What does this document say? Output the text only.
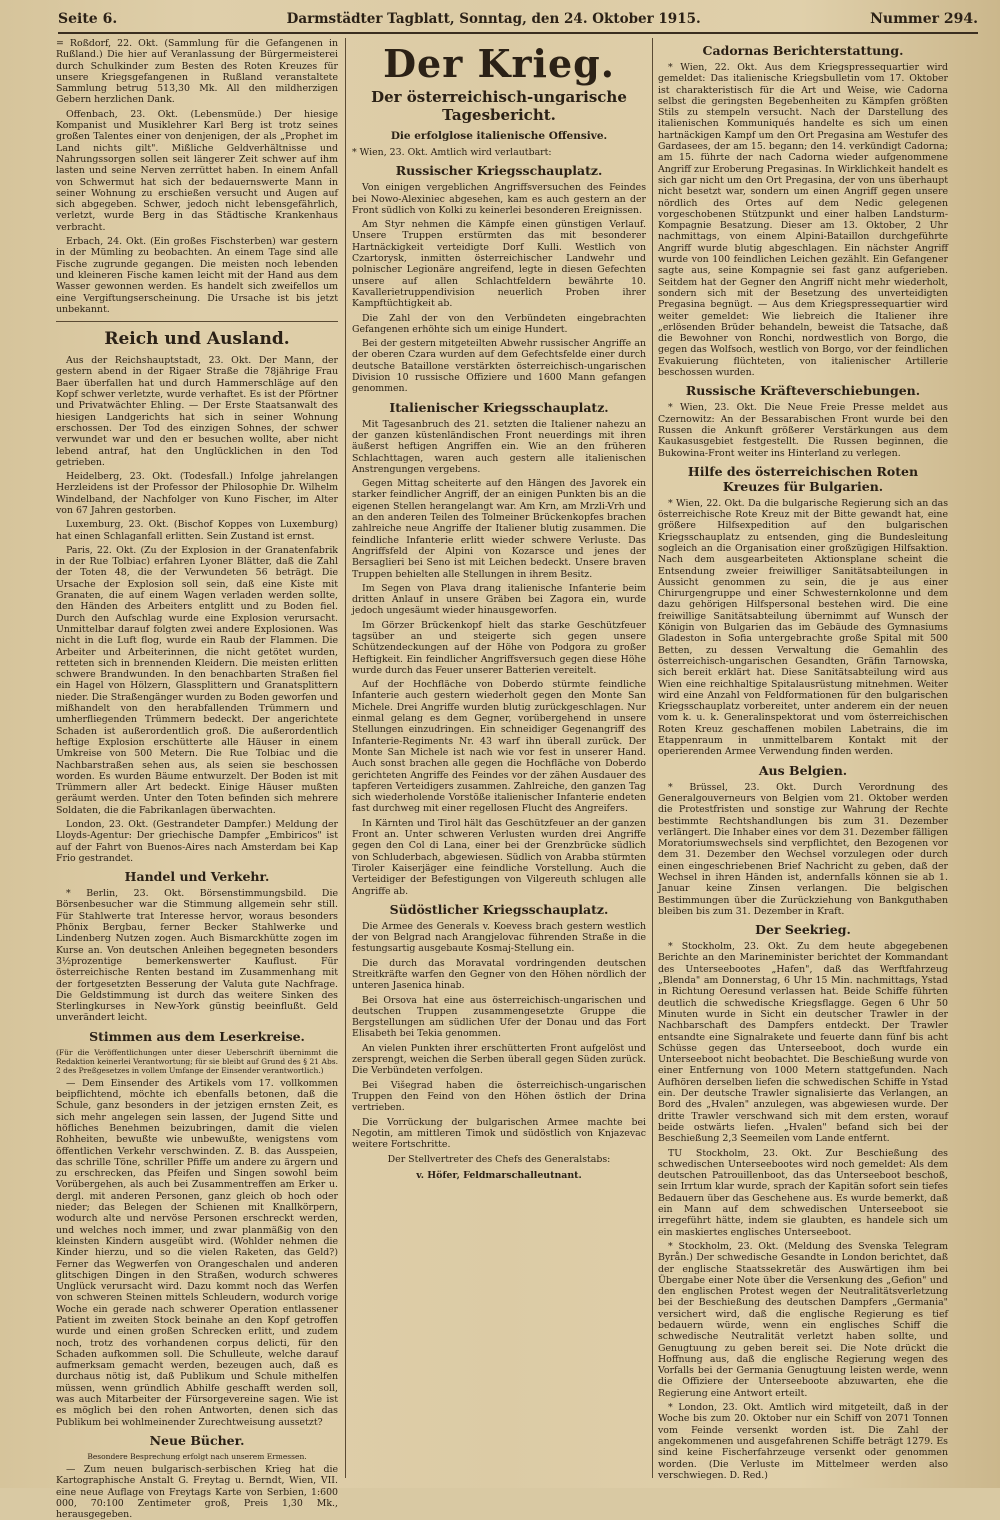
Seite 6.	Darmstädter Tagblatt, Sonntag, den 24. Oktober 1915.	Nummer 294.

= Roßdorf, 22. Okt. (Sammlung für die Gefangenen in Rußland.) Die hier auf Veranlassung der Bürgermeisterei durch Schulkinder zum Besten des Roten Kreuzes für unsere Kriegsgefangenen in Rußland veranstaltete Sammlung betrug 513,30 Mk. All den mildherzigen Gebern herzlichen Dank.

Offenbach, 23. Okt. (Lebensmüde.) Der hiesige Kompanist und Musiklehrer Karl Berg ist trotz seines großen Talentes einer von denjenigen, der als „Prophet im Land nichts gilt". Mißliche Geldverhältnisse und Nahrungssorgen sollen seit längerer Zeit schwer auf ihm lasten und seine Nerven zerrüttet haben. In einem Anfall von Schwermut hat sich der bedauernswerte Mann in seiner Wohnung zu erschießen versucht und Augen auf sich abgegeben. Schwer, jedoch nicht lebensgefährlich, verletzt, wurde Berg in das Städtische Krankenhaus verbracht.

Erbach, 24. Okt. (Ein großes Fischsterben) war gestern in der Mümling zu beobachten. An einem Tage sind alle Fische zugrunde gegangen. Die meisten noch lebenden und kleineren Fische kamen leicht mit der Hand aus dem Wasser gewonnen werden. Es handelt sich zweifellos um eine Vergiftungserscheinung. Die Ursache ist bis jetzt unbekannt.

Reich und Ausland.

Aus der Reichshauptstadt, 23. Okt. Der Mann, der gestern abend in der Rigaer Straße die 78jährige Frau Baer überfallen hat und durch Hammerschläge auf den Kopf schwer verletzte, wurde verhaftet. Es ist der Pförtner und Privatwächter Ehling. — Der Erste Staatsanwalt des hiesigen Landgerichts hat sich in seiner Wohnung erschossen. Der Tod des einzigen Sohnes, der schwer verwundet war und den er besuchen wollte, aber nicht lebend antraf, hat den Unglücklichen in den Tod getrieben.

Heidelberg, 23. Okt. (Todesfall.) Infolge jahrelangen Herzleidens ist der Professor der Philosophie Dr. Wilhelm Windelband, der Nachfolger von Kuno Fischer, im Alter von 67 Jahren gestorben.

Luxemburg, 23. Okt. (Bischof Koppes von Luxemburg) hat einen Schlaganfall erlitten. Sein Zustand ist ernst.

Paris, 22. Okt. (Zu der Explosion in der Granatenfabrik in der Rue Tolbiac) erfahren Lyoner Blätter, daß die Zahl der Toten 48, die der Verwundeten 56 beträgt. Die Ursache der Explosion soll sein, daß eine Kiste mit Granaten, die auf einem Wagen verladen werden sollte, den Händen des Arbeiters entglitt und zu Boden fiel. Durch den Aufschlag wurde eine Explosion verursacht. Unmittelbar darauf folgten zwei andere Explosionen. Was nicht in die Luft flog, wurde ein Raub der Flammen. Die Arbeiter und Arbeiterinnen, die nicht getötet wurden, retteten sich in brennenden Kleidern. Die meisten erlitten schwere Brandwunden. In den benachbarten Straßen fiel ein Hagel von Hölzern, Glassplittern und Granatsplittern nieder. Die Straßengänger wurden zu Boden geworfen und mißhandelt von den herabfallenden Trümmern und umherfliegenden Trümmern bedeckt. Der angerichtete Schaden ist außerordentlich groß. Die außerordentlich heftige Explosion erschütterte alle Häuser in einem Umkreise von 500 Metern. Die Rue Tolbiac und die Nachbarstraßen sehen aus, als seien sie beschossen worden. Es wurden Bäume entwurzelt. Der Boden ist mit Trümmern aller Art bedeckt. Einige Häuser mußten geräumt werden. Unter den Toten befinden sich mehrere Soldaten, die die Fabrikanlagen überwachten.

London, 23. Okt. (Gestrandeter Dampfer.) Meldung der Lloyds-Agentur: Der griechische Dampfer „Embiricos" ist auf der Fahrt von Buenos-Aires nach Amsterdam bei Kap Frio gestrandet.

Handel und Verkehr.

* Berlin, 23. Okt. Börsenstimmungsbild. Die Börsenbesucher war die Stimmung allgemein sehr still. Für Stahlwerte trat Interesse hervor, woraus besonders Phönix Bergbau, ferner Becker Stahlwerke und Lindenberg Nutzen zogen. Auch Bismarckhütte zogen im Kurse an. Von deutschen Anleihen begegneten besonders 3½prozentige bemerkenswerter Kauflust. Für österreichische Renten bestand im Zusammenhang mit der fortgesetzten Besserung der Valuta gute Nachfrage. Die Geldstimmung ist durch das weitere Sinken des Sterlingkurses in New-York günstig beeinflußt. Geld unverändert leicht.

Stimmen aus dem Leserkreise.
(Für die Veröffentlichungen unter dieser Ueberschrift übernimmt die Redaktion keinerlei Verantwortung; für sie bleibt auf Grund des § 21 Abs. 2 des Preßgesetzes in vollem Umfange der Einsender verantwortlich.)

— Dem Einsender des Artikels vom 17. vollkommen beipflichtend, möchte ich ebenfalls betonen, daß die Schule, ganz besonders in der jetzigen ernsten Zeit, es sich mehr angelegen sein lassen, der Jugend Sitte und höfliches Benehmen beizubringen, damit die vielen Rohheiten, bewußte wie unbewußte, wenigstens vom öffentlichen Verkehr verschwinden. Z. B. das Ausspeien, das schrille Töne, schriller Pfiffe um andere zu ärgern und zu erschrecken, das Pfeifen und Singen sowohl beim Vorübergehen, als auch bei Zusammentreffen am Erker u. dergl. mit anderen Personen, ganz gleich ob hoch oder nieder; das Belegen der Schienen mit Knallkörpern, wodurch alte und nervöse Personen erschreckt werden, und welches noch immer, und zwar planmäßig von den kleinsten Kindern ausgeübt wird. (Wohlder nehmen die Kinder hierzu, und so die vielen Raketen, das Geld?) Ferner das Wegwerfen von Orangeschalen und anderen glitschigen Dingen in den Straßen, wodurch schweres Unglück verursacht wird. Dazu kommt noch das Werfen von schweren Steinen mittels Schleudern, wodurch vorige Woche ein gerade nach schwerer Operation entlassener Patient im zweiten Stock beinahe an den Kopf getroffen wurde und einen großen Schrecken erlitt, und zudem noch, trotz des vorhandenen corpus delicti, für den Schaden aufkommen soll. Die Schulleute, welche darauf aufmerksam gemacht werden, bezeugen auch, daß es durchaus nötig ist, daß Publikum und Schule mithelfen müssen, wenn gründlich Abhilfe geschafft werden soll, was auch Mitarbeiter der Fürsorgevereine sagen. Wie ist es möglich bei den rohen Antworten, denen sich das Publikum bei wohlmeinender Zurechtweisung aussetzt?

Neue Bücher.
Besondere Besprechung erfolgt nach unserem Ermessen.

— Zum neuen bulgarisch-serbischen Krieg hat die Kartographische Anstalt G. Freytag u. Berndt, Wien, VII. eine neue Auflage von Freytags Karte von Serbien, 1:600 000, 70:100 Zentimeter groß, Preis 1,30 Mk., herausgegeben.

Der Krieg.
Der österreichisch-ungarische Tagesbericht.
Die erfolglose italienische Offensive.

* Wien, 23. Okt. Amtlich wird verlautbart:

Russischer Kriegsschauplatz.

Von einigen vergeblichen Angriffsversuchen des Feindes bei Nowo-Alexiniec abgesehen, kam es auch gestern an der Front südlich von Kolki zu keinerlei besonderen Ereignissen.

Am Styr nehmen die Kämpfe einen günstigen Verlauf. Unsere Truppen erstürmten das mit besonderer Hartnäckigkeit verteidigte Dorf Kulli. Westlich von Czartorysk, inmitten österreichischer Landwehr und polnischer Legionäre angreifend, legte in diesen Gefechten unsere auf allen Schlachtfeldern bewährte 10. Kavallerietruppendivision neuerlich Proben ihrer Kampftüchtigkeit ab.

Die Zahl der von den Verbündeten eingebrachten Gefangenen erhöhte sich um einige Hundert.

Bei der gestern mitgeteilten Abwehr russischer Angriffe an der oberen Czara wurden auf dem Gefechtsfelde einer durch deutsche Bataillone verstärkten österreichisch-ungarischen Division 10 russische Offiziere und 1600 Mann gefangen genommen.

Italienischer Kriegsschauplatz.

Mit Tagesanbruch des 21. setzten die Italiener nahezu an der ganzen küstenländischen Front neuerdings mit ihren äußerst heftigen Angriffen ein. Wie an den früheren Schlachttagen, waren auch gestern alle italienischen Anstrengungen vergebens.

Gegen Mittag scheiterte auf den Hängen des Javorek ein starker feindlicher Angriff, der an einigen Punkten bis an die eigenen Stellen herangelangt war. Am Krn, am Mrzli-Vrh und an den anderen Teilen des Tolmeiner Brückenkopfes brachen zahlreiche neue Angriffe der Italiener blutig zusammen. Die feindliche Infanterie erlitt wieder schwere Verluste. Das Angriffsfeld der Alpini von Kozarsce und jenes der Bersaglieri bei Seno ist mit Leichen bedeckt. Unsere braven Truppen behielten alle Stellungen in ihrem Besitz.

Im Segen von Plava drang italienische Infanterie beim dritten Anlauf in unsere Gräben bei Zagora ein, wurde jedoch ungesäumt wieder hinausgeworfen.

Im Görzer Brückenkopf hielt das starke Geschützfeuer tagsüber an und steigerte sich gegen unsere Schützendeckungen auf der Höhe von Podgora zu großer Heftigkeit. Ein feindlicher Angriffsversuch gegen diese Höhe wurde durch das Feuer unserer Batterien vereitelt.

Auf der Hochfläche von Doberdo stürmte feindliche Infanterie auch gestern wiederholt gegen den Monte San Michele. Drei Angriffe wurden blutig zurückgeschlagen. Nur einmal gelang es dem Gegner, vorübergehend in unsere Stellungen einzudringen. Ein schneidiger Gegenangriff des Infanterie-Regiments Nr. 43 warf ihn überall zurück. Der Monte San Michele ist nach wie vor fest in unserer Hand. Auch sonst brachen alle gegen die Hochfläche von Doberdo gerichteten Angriffe des Feindes vor der zähen Ausdauer des tapferen Verteidigers zusammen. Zahlreiche, den ganzen Tag sich wiederholende Vorstöße italienischer Infanterie endeten fast durchweg mit einer regellosen Flucht des Angreifers.

In Kärnten und Tirol hält das Geschützfeuer an der ganzen Front an. Unter schweren Verlusten wurden drei Angriffe gegen den Col di Lana, einer bei der Grenzbrücke südlich von Schluderbach, abgewiesen. Südlich von Arabba stürmten Tiroler Kaiserjäger eine feindliche Vorstellung. Auch die Verteidiger der Befestigungen von Vilgereuth schlugen alle Angriffe ab.

Südöstlicher Kriegsschauplatz.

Die Armee des Generals v. Koevess brach gestern westlich der von Belgrad nach Arangjelovac führenden Straße in die festungsartig ausgebaute Kosmaj-Stellung ein.

Die durch das Moravatal vordringenden deutschen Streitkräfte warfen den Gegner von den Höhen nördlich der unteren Jasenica hinab.

Bei Orsova hat eine aus österreichisch-ungarischen und deutschen Truppen zusammengesetzte Gruppe die Bergstellungen am südlichen Ufer der Donau und das Fort Elisabeth bei Tekia genommen.

An vielen Punkten ihrer erschütterten Front aufgelöst und zersprengt, weichen die Serben überall gegen Süden zurück. Die Verbündeten verfolgen.

Bei Višegrad haben die österreichisch-ungarischen Truppen den Feind von den Höhen östlich der Drina vertrieben.

Die Vorrückung der bulgarischen Armee machte bei Negotin, am mittleren Timok und südöstlich von Knjazevac weitere Fortschritte.

Der Stellvertreter des Chefs des Generalstabs:
v. Höfer, Feldmarschalleutnant.
Cadornas Berichterstattung.

* Wien, 22. Okt. Aus dem Kriegspressequartier wird gemeldet: Das italienische Kriegsbulletin vom 17. Oktober ist charakteristisch für die Art und Weise, wie Cadorna selbst die geringsten Begebenheiten zu Kämpfen größten Stils zu stempeln versucht. Nach der Darstellung des italienischen Kommuniqués handelte es sich um einen hartnäckigen Kampf um den Ort Pregasina am Westufer des Gardasees, der am 15. begann; den 14. verkündigt Cadorna; am 15. führte der nach Cadorna wieder aufgenommene Angriff zur Eroberung Pregasinas. In Wirklichkeit handelt es sich gar nicht um den Ort Pregasina, der von uns überhaupt nicht besetzt war, sondern um einen Angriff gegen unsere nördlich des Ortes auf dem Nedic gelegenen vorgeschobenen Stützpunkt und einer halben Landsturm-Kompagnie Besatzung. Dieser am 13. Oktober, 2 Uhr nachmittags, von einem Alpini-Bataillon durchgeführte Angriff wurde blutig abgeschlagen. Ein nächster Angriff wurde von 100 feindlichen Leichen gezählt. Ein Gefangener sagte aus, seine Kompagnie sei fast ganz aufgerieben. Seitdem hat der Gegner den Angriff nicht mehr wiederholt, sondern sich mit der Besetzung des unverteidigten Pregasina begnügt. — Aus dem Kriegspressequartier wird weiter gemeldet: Wie liebreich die Italiener ihre „erlösenden Brüder behandeln, beweist die Tatsache, daß die Bewohner von Ronchi, nordwestlich von Borgo, die gegen das Wolfsoch, westlich von Borgo, vor der feindlichen Evakuierung flüchteten, von italienischer Artillerie beschossen wurden.

Russische Kräfteverschiebungen.

* Wien, 23. Okt. Die Neue Freie Presse meldet aus Czernowitz: An der Bessarabischen Front wurde bei den Russen die Ankunft größerer Verstärkungen aus dem Kaukasusgebiet festgestellt. Die Russen beginnen, die Bukowina-Front weiter ins Hinterland zu verlegen.

Hilfe des österreichischen Roten Kreuzes für Bulgarien.

* Wien, 22. Okt. Da die bulgarische Regierung sich an das österreichische Rote Kreuz mit der Bitte gewandt hat, eine größere Hilfsexpedition auf den bulgarischen Kriegsschauplatz zu entsenden, ging die Bundesleitung sogleich an die Organisation einer großzügigen Hilfsaktion. Nach dem ausgearbeiteten Aktionsplane scheint die Entsendung zweier freiwilliger Sanitätsabteilungen in Aussicht genommen zu sein, die je aus einer Chirurgengruppe und einer Schwesternkolonne und dem dazu gehörigen Hilfspersonal bestehen wird. Die eine freiwillige Sanitätsabteilung übernimmt auf Wunsch der Königin von Bulgarien das im Gebäude des Gymnasiums Gladeston in Sofia untergebrachte große Spital mit 500 Betten, zu dessen Verwaltung die Gemahlin des österreichisch-ungarischen Gesandten, Gräfin Tarnowska, sich bereit erklärt hat. Diese Sanitätsabteilung wird aus Wien eine reichhaltige Spitalausrüstung mitnehmen. Weiter wird eine Anzahl von Feldformationen für den bulgarischen Kriegsschauplatz vorbereitet, unter anderem ein der neuen vom k. u. k. Generalinspektorat und vom österreichischen Roten Kreuz geschaffenen mobilen Labetrains, die im Etappenraum in unmittelbarem Kontakt mit der operierenden Armee Verwendung finden werden.

Aus Belgien.

* Brüssel, 23. Okt. Durch Verordnung des Generalgouverneurs von Belgien vom 21. Oktober werden die Protestfristen und sonstige zur Wahrung der Rechte bestimmte Rechtshandlungen bis zum 31. Dezember verlängert. Die Inhaber eines vor dem 31. Dezember fälligen Moratoriumswechsels sind verpflichtet, den Bezogenen vor dem 31. Dezember den Wechsel vorzulegen oder durch einen eingeschriebenen Brief Nachricht zu geben, daß der Wechsel in ihren Händen ist, andernfalls können sie ab 1. Januar keine Zinsen verlangen. Die belgischen Bestimmungen über die Zurückziehung von Bankguthaben bleiben bis zum 31. Dezember in Kraft.

Der Seekrieg.

* Stockholm, 23. Okt. Zu dem heute abgegebenen Berichte an den Marineminister berichtet der Kommandant des Unterseebootes „Hafen", daß das Werftfahrzeug „Blenda" am Donnerstag, 6 Uhr 15 Min. nachmittags, Ystad in Richtung Oeresund verlassen hat. Beide Schiffe führten deutlich die schwedische Kriegsflagge. Gegen 6 Uhr 50 Minuten wurde in Sicht ein deutscher Trawler in der Nachbarschaft des Dampfers entdeckt. Der Trawler entsandte eine Signalrakete und feuerte dann fünf bis acht Schüsse gegen das Unterseeboot, doch wurde ein Unterseeboot nicht beobachtet. Die Beschießung wurde von einer Entfernung von 1000 Metern stattgefunden. Nach Aufhören derselben liefen die schwedischen Schiffe in Ystad ein. Der deutsche Trawler signalisierte das Verlangen, an Bord des „Hvalen" anzulegen, was abgewiesen wurde. Der dritte Trawler verschwand sich mit dem ersten, worauf beide ostwärts liefen. „Hvalen" befand sich bei der Beschießung 2,3 Seemeilen vom Lande entfernt.

TU Stockholm, 23. Okt. Zur Beschießung des schwedischen Unterseebootes wird noch gemeldet: Als dem deutschen Patrouillenboot, das das Unterseeboot beschoß, sein Irrtum klar wurde, sprach der Kapitän sofort sein tiefes Bedauern über das Geschehene aus. Es wurde bemerkt, daß ein Mann auf dem schwedischen Unterseeboot sie irregeführt hätte, indem sie glaubten, es handele sich um ein maskiertes englisches Unterseeboot.

* Stockholm, 23. Okt. (Meldung des Svenska Telegram Byrån.) Der schwedische Gesandte in London berichtet, daß der englische Staatssekretär des Auswärtigen ihm bei Übergabe einer Note über die Versenkung des „Gefion" und den englischen Protest wegen der Neutralitätsverletzung bei der Beschießung des deutschen Dampfers „Germania" versichert wird, daß die englische Regierung es tief bedauern würde, wenn ein englisches Schiff die schwedische Neutralität verletzt haben sollte, und Genugtuung zu geben bereit sei. Die Note drückt die Hoffnung aus, daß die englische Regierung wegen des Vorfalls bei der Germania Genugtuung leisten werde, wenn die Offiziere der Unterseeboote abzuwarten, ehe die Regierung eine Antwort erteilt.

* London, 23. Okt. Amtlich wird mitgeteilt, daß in der Woche bis zum 20. Oktober nur ein Schiff von 2071 Tonnen vom Feinde versenkt worden ist. Die Zahl der angekommenen und ausgefahrenen Schiffe beträgt 1279. Es sind keine Fischerfahrzeuge versenkt oder genommen worden. (Die Verluste im Mittelmeer werden also verschwiegen. D. Red.)
